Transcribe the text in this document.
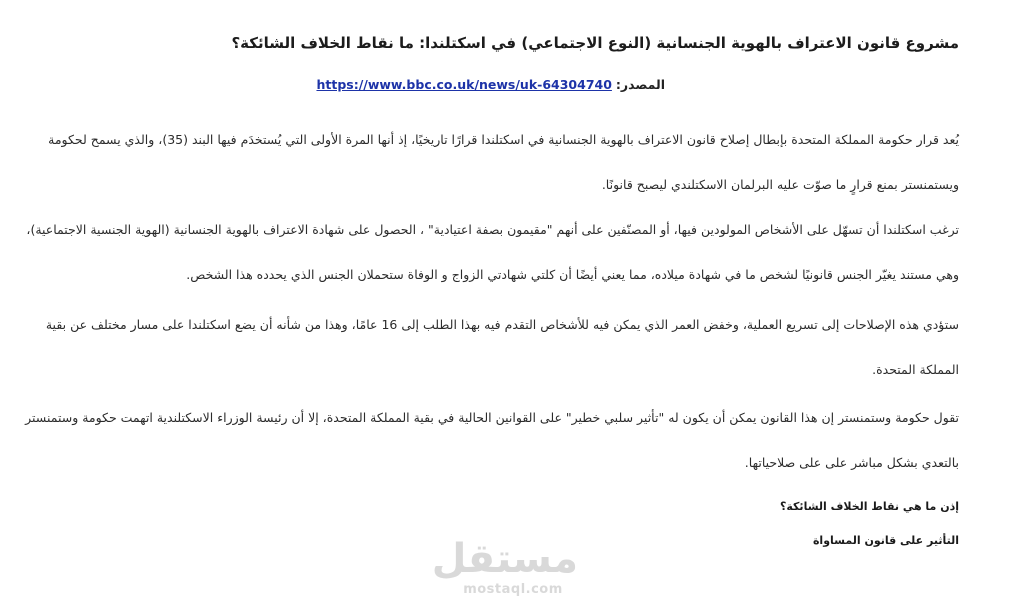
مشروع قانون الاعتراف بالهوية الجنسانية (النوع الاجتماعي) في اسكتلندا: ما نقاط الخلاف الشائكة؟
المصدر: https://www.bbc.co.uk/news/uk-64304740

يُعد قرار حكومة المملكة المتحدة بإبطال إصلاح قانون الاعتراف بالهوية الجنسانية في اسكتلندا قرارًا تاريخيًا، إذ أنها المرة الأولى التي يُستخدَم فيها البند (35)، والذي يسمح لحكومة
ويستمنستر بمنع قرارٍ ما صوّت عليه البرلمان الاسكتلندي ليصبح قانونًا.

ترغب اسكتلندا أن تسهّل على الأشخاص المولودين فيها، أو المصنّفين على أنهم "مقيمون بصفة اعتيادية" ، الحصول على شهادة الاعتراف بالهوية الجنسانية (الهوية الجنسية الاجتماعية)،
وهي مستند يغيّر الجنس قانونيًا لشخص ما في شهادة ميلاده، مما يعني أيضًا أن كلتي شهادتي الزواج و الوفاة ستحملان الجنس الذي يحدده هذا الشخص.

ستؤدي هذه الإصلاحات إلى تسريع العملية، وخفض العمر الذي يمكن فيه للأشخاص التقدم فيه بهذا الطلب إلى 16 عامًا، وهذا من شأنه أن يضع اسكتلندا على مسار مختلف عن بقية
المملكة المتحدة.

تقول حكومة وستمنستر إن هذا القانون يمكن أن يكون له "تأثير سلبي خطير" على القوانين الحالية في بقية المملكة المتحدة، إلا أن رئيسة الوزراء الاسكتلندية اتهمت حكومة وستمنستر
بالتعدي بشكل مباشر على على صلاحياتها.

إذن ما هي نقاط الخلاف الشائكة؟

التأثير على قانون المساواة

مستقل
mostaql.com
